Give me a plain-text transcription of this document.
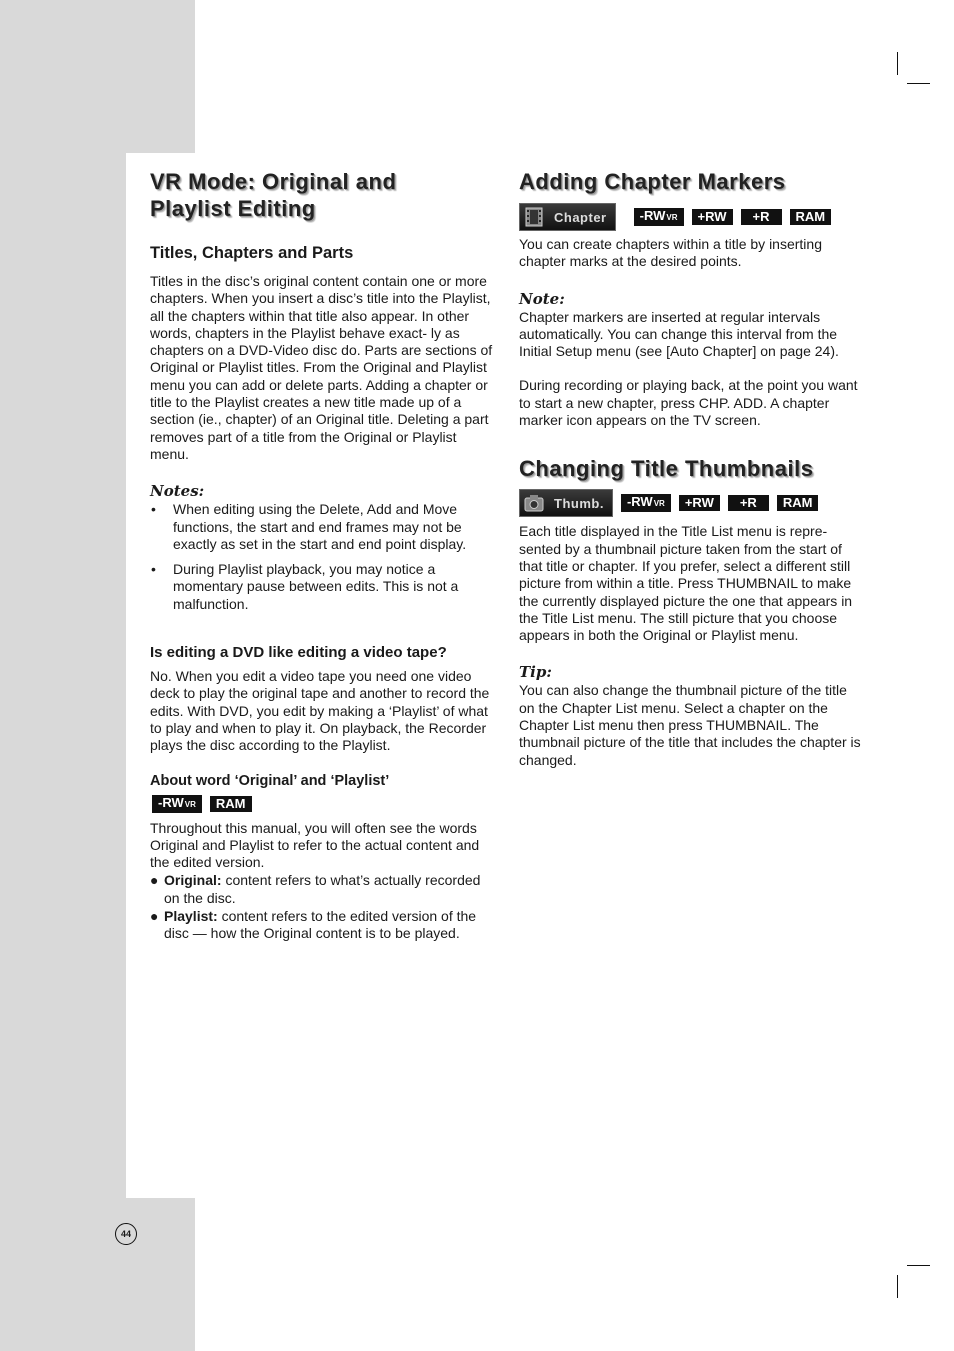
44
VR Mode: Original and Playlist Editing
Titles, Chapters and Parts

Titles in the disc’s original content contain one or more chapters. When you insert a disc’s title into the Playlist, all the chapters within that title also appear. In other words, chapters in the Playlist behave exact- ly as chapters on a DVD-Video disc do. Parts are sections of Original or Playlist titles. From the Original and Playlist menu you can add or delete parts. Adding a chapter or title to the Playlist creates a new title made up of a section (ie., chapter) of an Original title. Deleting a part removes part of a title from the Original or Playlist menu.

Notes:
• When editing using the Delete, Add and Move functions, the start and end frames may not be exactly as set in the start and end point display.
• During Playlist playback, you may notice a momentary pause between edits. This is not a malfunction.
Is editing a DVD like editing a video tape?

No. When you edit a video tape you need one video deck to play the original tape and another to record the edits. With DVD, you edit by making a ‘Playlist’ of what to play and when to play it. On playback, the Recorder plays the disc according to the Playlist.

About word ‘Original’ and ‘Playlist’
-RW VR	RAM

Throughout this manual, you will often see the words Original and Playlist to refer to the actual content and the edited version.

● Original: content refers to what’s actually recorded on the disc.
● Playlist: content refers to the edited version of the disc — how the Original content is to be played.
Adding Chapter Markers
Chapter	-RW VR	+RW	+R	RAM

You can create chapters within a title by inserting chapter marks at the desired points.

Note:

Chapter markers are inserted at regular intervals automatically. You can change this interval from the Initial Setup menu (see [Auto Chapter] on page 24).

During recording or playing back, at the point you want to start a new chapter, press CHP. ADD. A chapter marker icon appears on the TV screen.

Changing Title Thumbnails
Thumb. -RW VR	+RW	+R	RAM

Each title displayed in the Title List menu is repre- sented by a thumbnail picture taken from the start of that title or chapter. If you prefer, select a different still picture from within a title. Press THUMBNAIL to make the currently displayed picture the one that appears in the Title List menu. The still picture that you choose appears in both the Original or Playlist menu.

Tip:

You can also change the thumbnail picture of the title on the Chapter List menu. Select a chapter on the Chapter List menu then press THUMBNAIL. The thumbnail picture of the title that includes the chapter is changed.
